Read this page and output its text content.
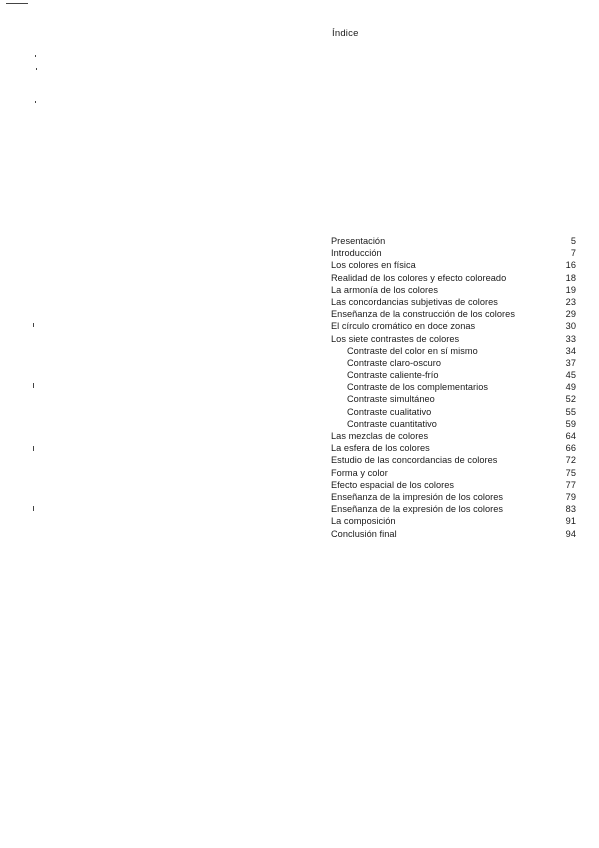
Índice
Presentación	5
Introducción	7
Los colores en física	16
Realidad de los colores y efecto coloreado	18
La armonía de los colores	19
Las concordancias subjetivas de colores	23
Enseñanza de la construcción de los colores	29
El círculo cromático en doce zonas	30
Los siete contrastes de colores	33
Contraste del color en sí mismo	34
Contraste claro-oscuro	37
Contraste caliente-frío	45
Contraste de los complementarios	49
Contraste simultáneo	52
Contraste cualitativo	55
Contraste cuantitativo	59
Las mezclas de colores	64
La esfera de los colores	66
Estudio de las concordancias de colores	72
Forma y color	75
Efecto espacial de los colores	77
Enseñanza de la impresión de los colores	79
Enseñanza de la expresión de los colores	83
La composición	91
Conclusión final	94
